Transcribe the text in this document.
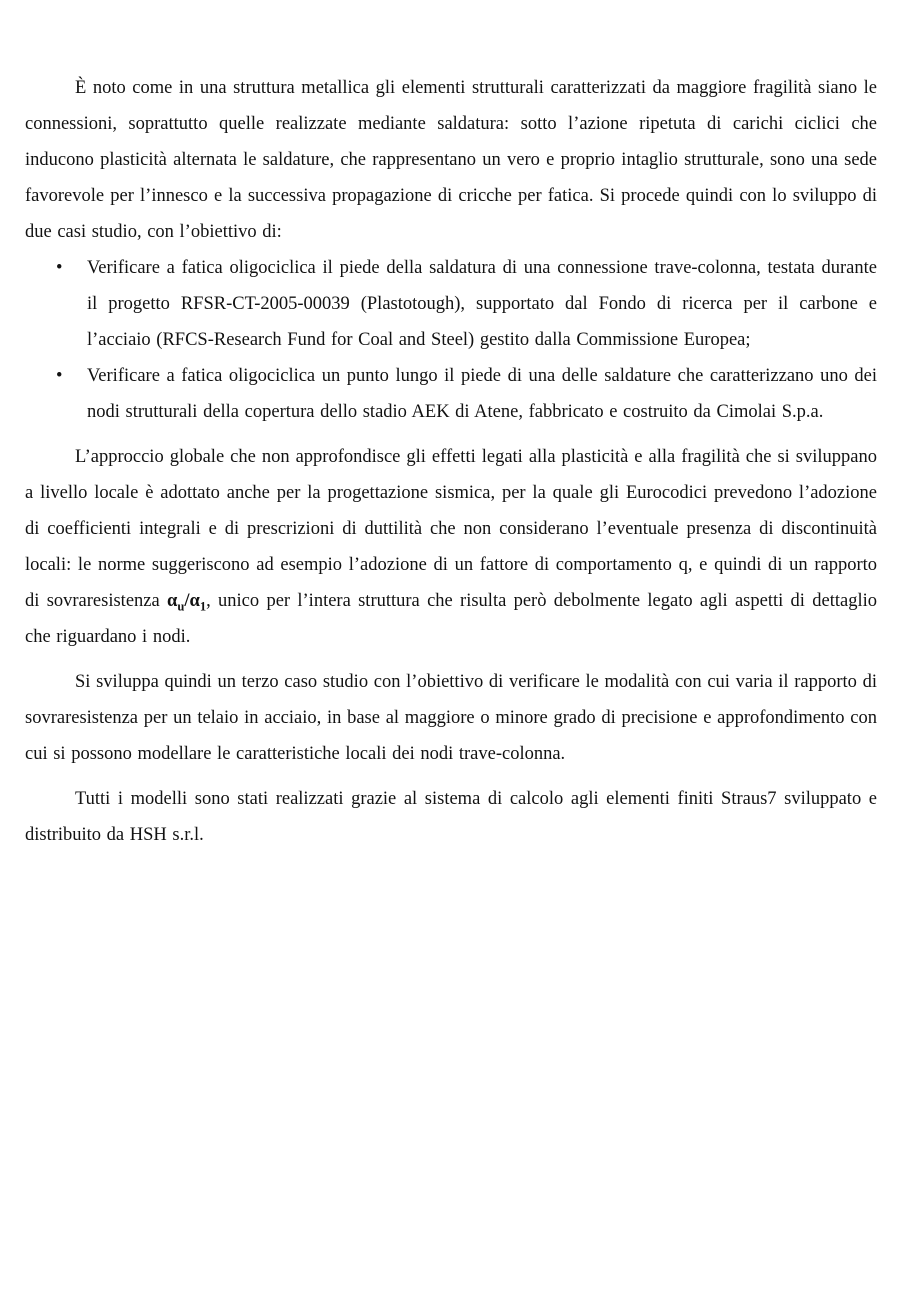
È noto come in una struttura metallica gli elementi strutturali caratterizzati da maggiore fragilità siano le connessioni, soprattutto quelle realizzate mediante saldatura: sotto l’azione ripetuta di carichi ciclici che inducono plasticità alternata le saldature, che rappresentano un vero e proprio intaglio strutturale, sono una sede favorevole per l’innesco e la successiva propagazione di cricche per fatica. Si procede quindi con lo sviluppo di due casi studio, con l’obiettivo di:

• Verificare a fatica oligociclica il piede della saldatura di una connessione trave-colonna, testata durante il progetto RFSR-CT-2005-00039 (Plastotough), supportato dal Fondo di ricerca per il carbone e l’acciaio (RFCS-Research Fund for Coal and Steel) gestito dalla Commissione Europea;

• Verificare a fatica oligociclica un punto lungo il piede di una delle saldature che caratterizzano uno dei nodi strutturali della copertura dello stadio AEK di Atene, fabbricato e costruito da Cimolai S.p.a.

L’approccio globale che non approfondisce gli effetti legati alla plasticità e alla fragilità che si sviluppano a livello locale è adottato anche per la progettazione sismica, per la quale gli Eurocodici prevedono l’adozione di coefficienti integrali e di prescrizioni di duttilità che non considerano l’eventuale presenza di discontinuità locali: le norme suggeriscono ad esempio l’adozione di un fattore di comportamento q, e quindi di un rapporto di sovraresistenza $\alpha_u/\alpha_1$, unico per l’intera struttura che risulta però debolmente legato agli aspetti di dettaglio che riguardano i nodi.

Si sviluppa quindi un terzo caso studio con l’obiettivo di verificare le modalità con cui varia il rapporto di sovraresistenza per un telaio in acciaio, in base al maggiore o minore grado di precisione e approfondimento con cui si possono modellare le caratteristiche locali dei nodi trave-colonna.

Tutti i modelli sono stati realizzati grazie al sistema di calcolo agli elementi finiti Straus7 sviluppato e distribuito da HSH s.r.l.
